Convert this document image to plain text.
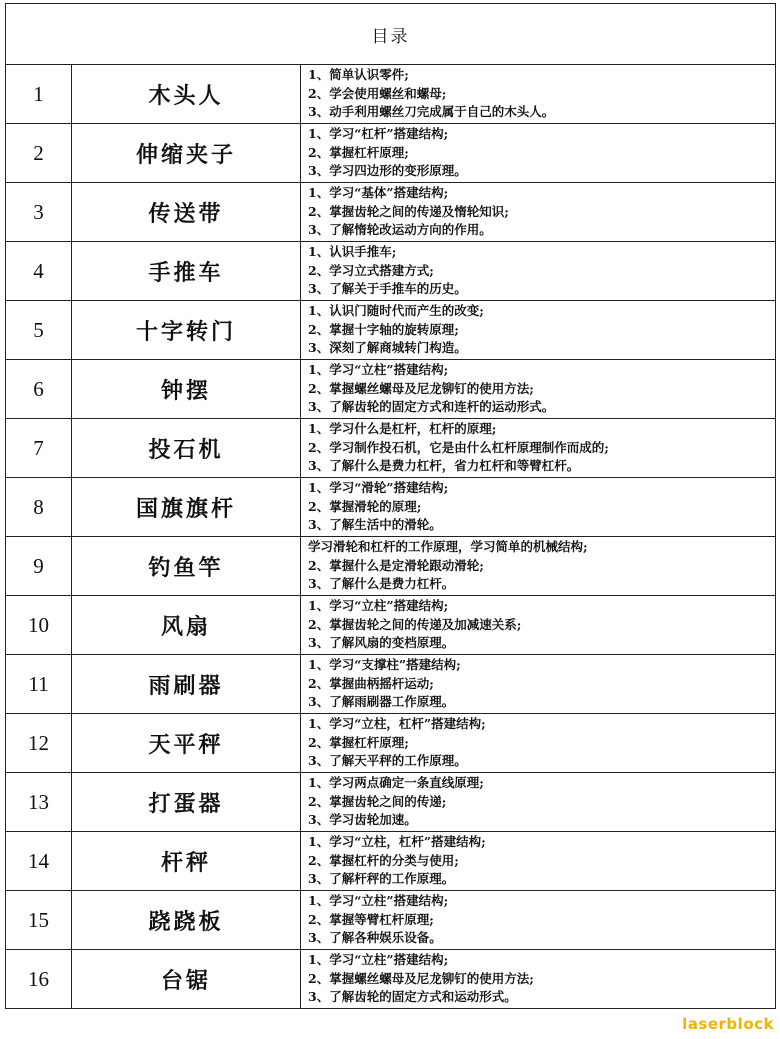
目录		
1	木头人	1、简单认识零件;
2、学会使用螺丝和螺母;
3、动手利用螺丝刀完成属于自己的木头人。

2	伸缩夹子	1、学习“杠杆”搭建结构;
2、掌握杠杆原理;
3、学习四边形的变形原理。

3	传送带	1、学习“基体”搭建结构;
2、掌握齿轮之间的传递及惰轮知识;
3、了解惰轮改运动方向的作用。

4	手推车	1、认识手推车;
2、学习立式搭建方式;
3、了解关于手推车的历史。

5	十字转门	1、认识门随时代而产生的改变;
2、掌握十字轴的旋转原理;
3、深刻了解商城转门构造。

6	钟摆	1、学习“立柱”搭建结构;
2、掌握螺丝螺母及尼龙铆钉的使用方法;
3、了解齿轮的固定方式和连杆的运动形式。

7	投石机	1、学习什么是杠杆，杠杆的原理;
2、学习制作投石机，它是由什么杠杆原理制作而成的;
3、了解什么是费力杠杆，省力杠杆和等臂杠杆。

8	国旗旗杆	1、学习“滑轮”搭建结构;
2、掌握滑轮的原理;
3、了解生活中的滑轮。

9	钓鱼竿	学习滑轮和杠杆的工作原理，学习简单的机械结构;
2、掌握什么是定滑轮跟动滑轮;
3、了解什么是费力杠杆。

10	风扇	1、学习“立柱”搭建结构;
2、掌握齿轮之间的传递及加减速关系;
3、了解风扇的变档原理。

11	雨刷器	1、学习“支撑柱”搭建结构;
2、掌握曲柄摇杆运动;
3、了解雨刷器工作原理。

12	天平秤	1、学习“立柱，杠杆”搭建结构;
2、掌握杠杆原理;
3、了解天平秤的工作原理。

13	打蛋器	1、学习两点确定一条直线原理;
2、掌握齿轮之间的传递;
3、学习齿轮加速。

14	杆秤	1、学习“立柱，杠杆”搭建结构;
2、掌握杠杆的分类与使用;
3、了解杆秤的工作原理。

15	跷跷板	1、学习“立柱”搭建结构;
2、掌握等臂杠杆原理;
3、了解各种娱乐设备。

16	台锯	1、学习“立柱”搭建结构;
2、掌握螺丝螺母及尼龙铆钉的使用方法;
3、了解齿轮的固定方式和运动形式。
laserblock
